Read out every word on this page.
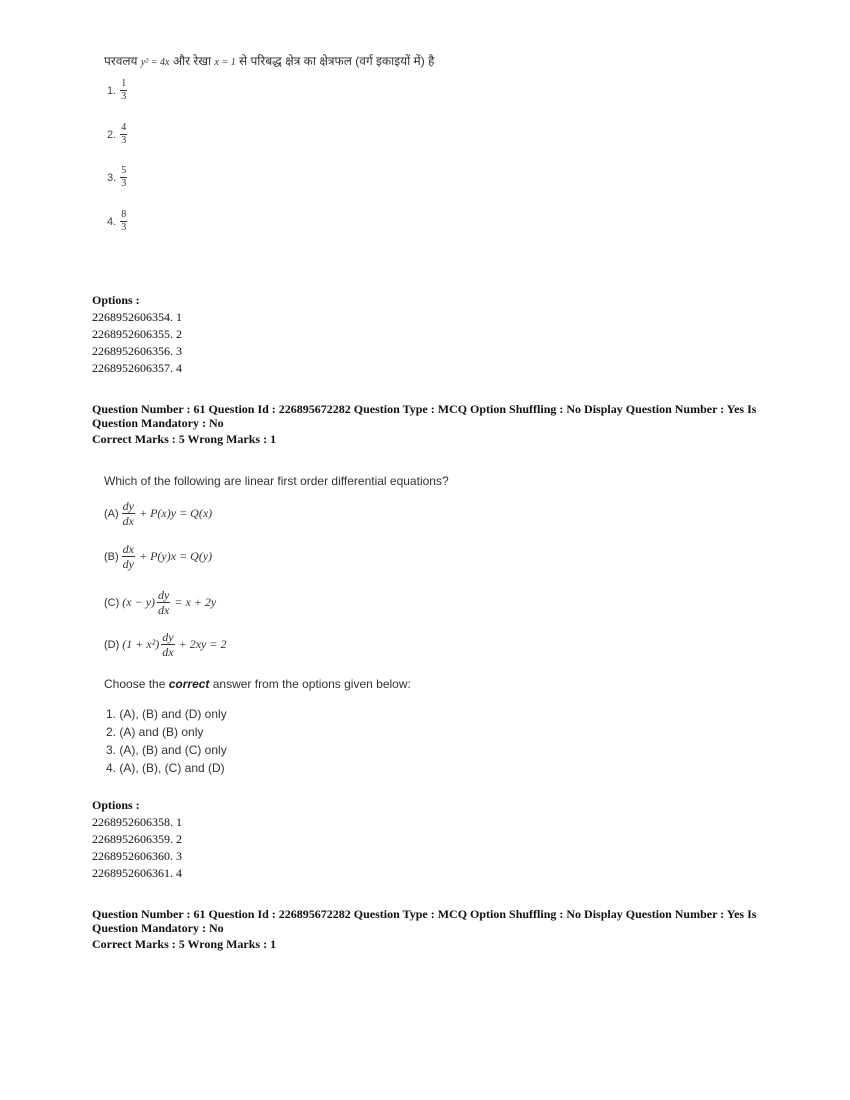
परवलय y² = 4x और रेखा x = 1 से परिबद्ध क्षेत्र का क्षेत्रफल (वर्ग इकाइयों में) है
1. $\frac{1}{3}$
2. $\frac{4}{3}$
3. $\frac{5}{3}$
4. $\frac{8}{3}$
Options :
2268952606354. 1
2268952606355. 2
2268952606356. 3
2268952606357. 4
Question Number : 61 Question Id : 226895672282 Question Type : MCQ Option Shuffling : No Display Question Number : Yes Is
Question Mandatory : No
Correct Marks : 5 Wrong Marks : 1
Which of the following are linear first order differential equations?
$(A) \frac{dy}{dx} + P(x)y = Q(x)$
$(B) \frac{dx}{dy} + P(y)x = Q(y)$
(C) $(x - y) \frac{dy}{dx} = x + 2y$
(D) $(1 + x^2) \frac{dy}{dx} + 2xy = 2$
Choose the correct answer from the options given below:
1. (A), (B) and (D) only
2. (A) and (B) only
3. (A), (B) and (C) only
4. (A), (B), (C) and (D)
Options :
2268952606358. 1
2268952606359. 2
2268952606360. 3
2268952606361. 4
Question Number : 61 Question Id : 226895672282 Question Type : MCQ Option Shuffling : No Display Question Number : Yes Is
Question Mandatory : No
Correct Marks : 5 Wrong Marks : 1
